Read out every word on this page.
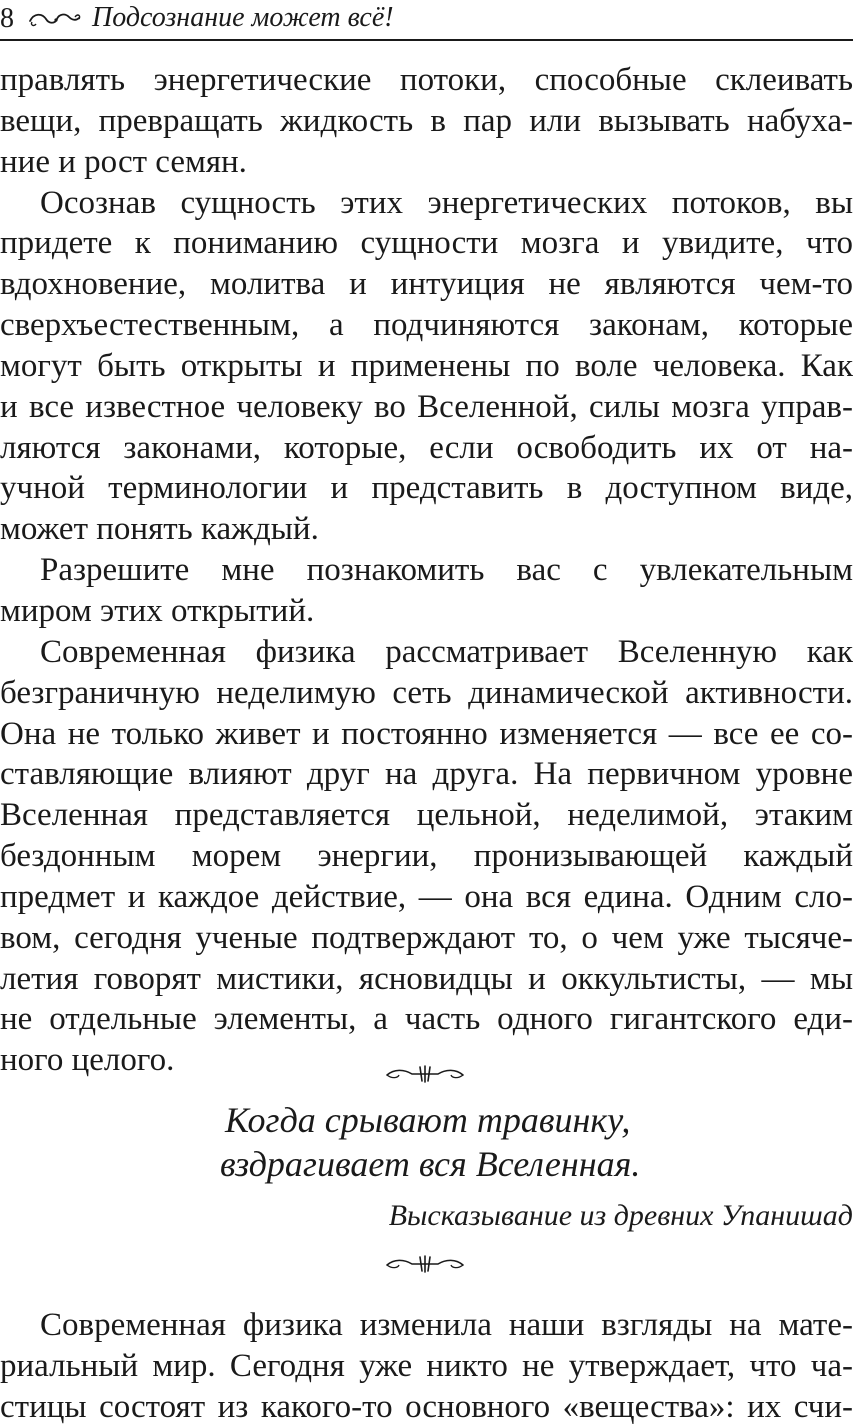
8	Подсознание может всё!
правлять энергетические потоки, способные склеивать
вещи, превращать жидкость в пар или вызывать набуха-
ние и рост семян.
Осознав сущность этих энергетических потоков, вы
придете к пониманию сущности мозга и увидите, что
вдохновение, молитва и интуиция не являются чем-то
сверхъестественным, а подчиняются законам, которые
могут быть открыты и применены по воле человека. Как
и все известное человеку во Вселенной, силы мозга управ-
ляются законами, которые, если освободить их от на-
учной терминологии и представить в доступном виде,
может понять каждый.
Разрешите мне познакомить вас с увлекательным
миром этих открытий.
Современная физика рассматривает Вселенную как
безграничную неделимую сеть динамической активности.
Она не только живет и постоянно изменяется — все ее со-
ставляющие влияют друг на друга. На первичном уровне
Вселенная представляется цельной, неделимой, этаким
бездонным морем энергии, пронизывающей каждый
предмет и каждое действие, — она вся едина. Одним сло-
вом, сегодня ученые подтверждают то, о чем уже тысяче-
летия говорят мистики, ясновидцы и оккультисты, — мы
не отдельные элементы, а часть одного гигантского еди-
ного целого.
Когда срывают травинку,
вздрагивает вся Вселенная.
Высказывание из древних Упанишад
Современная физика изменила наши взгляды на мате-
риальный мир. Сегодня уже никто не утверждает, что ча-
стицы состоят из какого-то основного «вещества»: их счи-
